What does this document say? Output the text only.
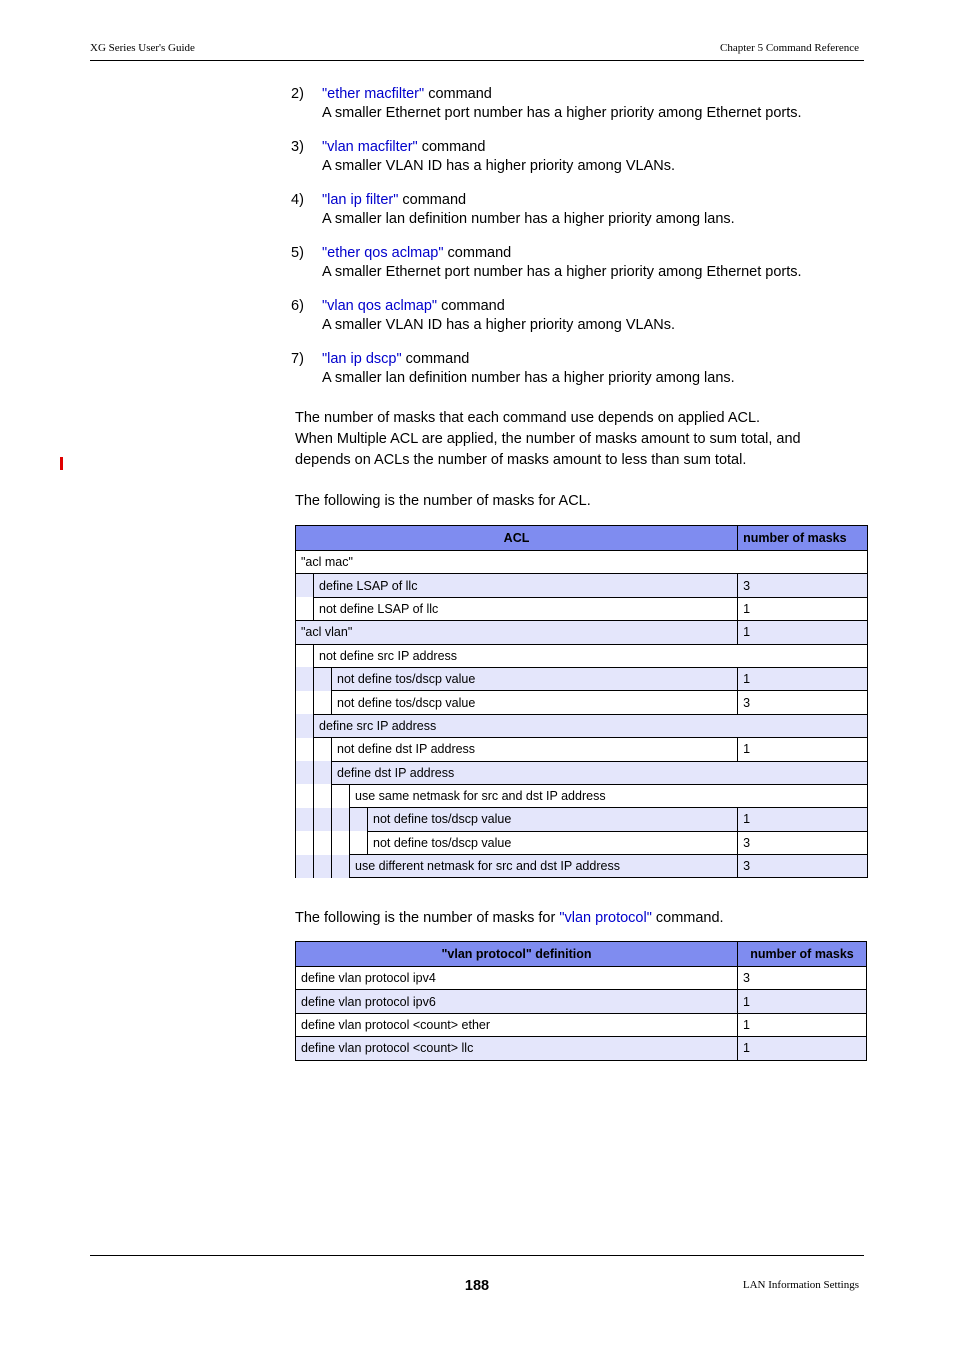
XG Series User's Guide	Chapter 5 Command Reference
2) "ether macfilter" command
A smaller Ethernet port number has a higher priority among Ethernet ports.
3) "vlan macfilter" command
A smaller VLAN ID has a higher priority among VLANs.
4) "lan ip filter" command
A smaller lan definition number has a higher priority among lans.
5) "ether qos aclmap" command
A smaller Ethernet port number has a higher priority among Ethernet ports.
6) "vlan qos aclmap" command
A smaller VLAN ID has a higher priority among VLANs.
7) "lan ip dscp" command
A smaller lan definition number has a higher priority among lans.
The number of masks that each command use depends on applied ACL.
When Multiple ACL are applied, the number of masks amount to sum total, and
depends on ACLs the number of masks amount to less than sum total.
The following is the number of masks for ACL.
ACL					number of masks
"acl mac"					
	define LSAP of llc				3
	not define LSAP of llc				1
"acl vlan"					1
	not define src IP address				
		not define tos/dscp value			1
		not define tos/dscp value			3
	define src IP address				
		not define dst IP address			1
		define dst IP address			
			use same netmask for src and dst IP address		
				not define tos/dscp value	1
				not define tos/dscp value	3
			use different netmask for src and dst IP address		3
The following is the number of masks for "vlan protocol" command.
"vlan protocol" definition	number of masks
define vlan protocol ipv4	3
define vlan protocol ipv6	1
define vlan protocol <count> ether	1
define vlan protocol <count> llc	1
188	LAN Information Settings
